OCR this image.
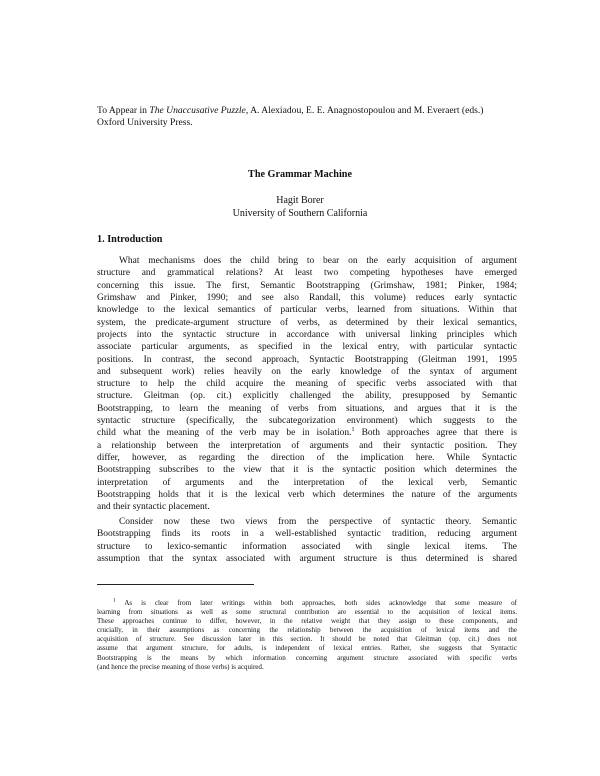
To Appear in The Unaccusative Puzzle, A. Alexiadou, E. E. Anagnostopoulou and M. Everaert (eds.)
Oxford University Press.
The Grammar Machine
Hagit Borer
University of Southern California
1. Introduction

What mechanisms does the child bring to bear on the early acquisition of argument
structure and grammatical relations? At least two competing hypotheses have emerged
concerning this issue. The first, Semantic Bootstrapping (Grimshaw, 1981; Pinker, 1984;
Grimshaw and Pinker, 1990; and see also Randall, this volume) reduces early syntactic
knowledge to the lexical semantics of particular verbs, learned from situations. Within that
system, the predicate-argument structure of verbs, as determined by their lexical semantics,
projects into the syntactic structure in accordance with universal linking principles which
associate particular arguments, as specified in the lexical entry, with particular syntactic
positions. In contrast, the second approach, Syntactic Bootstrapping (Gleitman 1991, 1995
and subsequent work) relies heavily on the early knowledge of the syntax of argument
structure to help the child acquire the meaning of specific verbs associated with that
structure. Gleitman (op. cit.) explicitly challenged the ability, presupposed by Semantic
Bootstrapping, to learn the meaning of verbs from situations, and argues that it is the
syntactic structure (specifically, the subcategorization environment) which suggests to the
child what the meaning of the verb may be in isolation.$^1$ Both approaches agree that there is
a relationship between the interpretation of arguments and their syntactic position. They
differ, however, as regarding the direction of the implication here. While Syntactic
Bootstrapping subscribes to the view that it is the syntactic position which determines the
interpretation of arguments and the interpretation of the lexical verb, Semantic
Bootstrapping holds that it is the lexical verb which determines the nature of the arguments
and their syntactic placement.

Consider now these two views from the perspective of syntactic theory. Semantic
Bootstrapping finds its roots in a well-established syntactic tradition, reducing argument
structure to lexico-semantic information associated with single lexical items. The
assumption that the syntax associated with argument structure is thus determined is shared

$^1$ As is clear from later writings within both approaches, both sides acknowledge that some measure of
learning from situations as well as some structural contribution are essential to the acquisition of lexical items.
These approaches continue to differ, however, in the relative weight that they assign to these components, and
crucially, in their assumptions as concerning the relationship between the acquisition of lexical items and the
acquisition of structure. See discussion later in this section. It should be noted that Gleitman (op. cit.) does not
assume that argument structure, for adults, is independent of lexical entries. Rather, she suggests that Syntactic
Bootstrapping is the means by which information concerning argument structure associated with specific verbs
(and hence the precise meaning of those verbs) is acquired.
